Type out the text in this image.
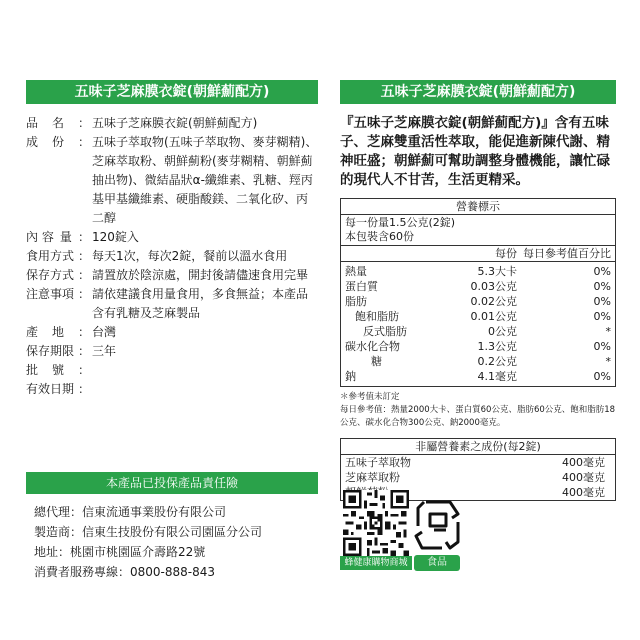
五味子芝麻膜衣錠(朝鮮薊配方)
品 名 ： 五味子芝麻膜衣錠(朝鮮薊配方)
成 份 ： 五味子萃取物(五味子萃取物、麥芽糊精)、芝麻萃取粉、朝鮮薊粉(麥芽糊精、朝鮮薊抽出物)、微結晶狀α-纖維素、乳糖、羥丙基甲基纖維素、硬脂酸鎂、二氧化矽、丙二醇
內 容 量 ： 120錠入
食用方式 ： 每天1次，每次2錠，餐前以溫水食用
保存方式 ： 請置放於陰涼處，開封後請儘速食用完畢
注意事項 ： 請依建議食用量食用，多食無益；本產品含有乳糖及芝麻製品
產 地 ： 台灣
保存期限 ： 三年
批 號 ：
有效日期 ：
本產品已投保產品責任險
總代理：信東流通事業股份有限公司
製造商：信東生技股份有限公司園區分公司
地址：桃園市桃園區介壽路22號
消費者服務專線：0800-888-843
五味子芝麻膜衣錠(朝鮮薊配方)
『五味子芝麻膜衣錠(朝鮮薊配方)』含有五味子、芝麻雙重活性萃取，能促進新陳代謝、精神旺盛；朝鮮薊可幫助調整身體機能，讓忙碌的現代人不甘苦，生活更精采。
營養標示
每一份量1.5公克(2錠)
本包裝含60份
每份 每日參考值百分比
熱量	5.3大卡	0%
蛋白質	0.03公克	0%
脂肪	0.02公克	0%
飽和脂肪	0.01公克	0%
反式脂肪	0公克	*
碳水化合物	1.3公克	0%
糖	0.2公克	*
鈉	4.1毫克	0%
＊參考值未訂定
每日參考值：熱量2000大卡、蛋白質60公克、脂肪60公克、飽和脂肪18公克、碳水化合物300公克、鈉2000毫克。
非屬營養素之成份(每2錠)
五味子萃取物	400毫克
芝麻萃取粉	400毫克
400毫克
蜂健康購物商城	食品
